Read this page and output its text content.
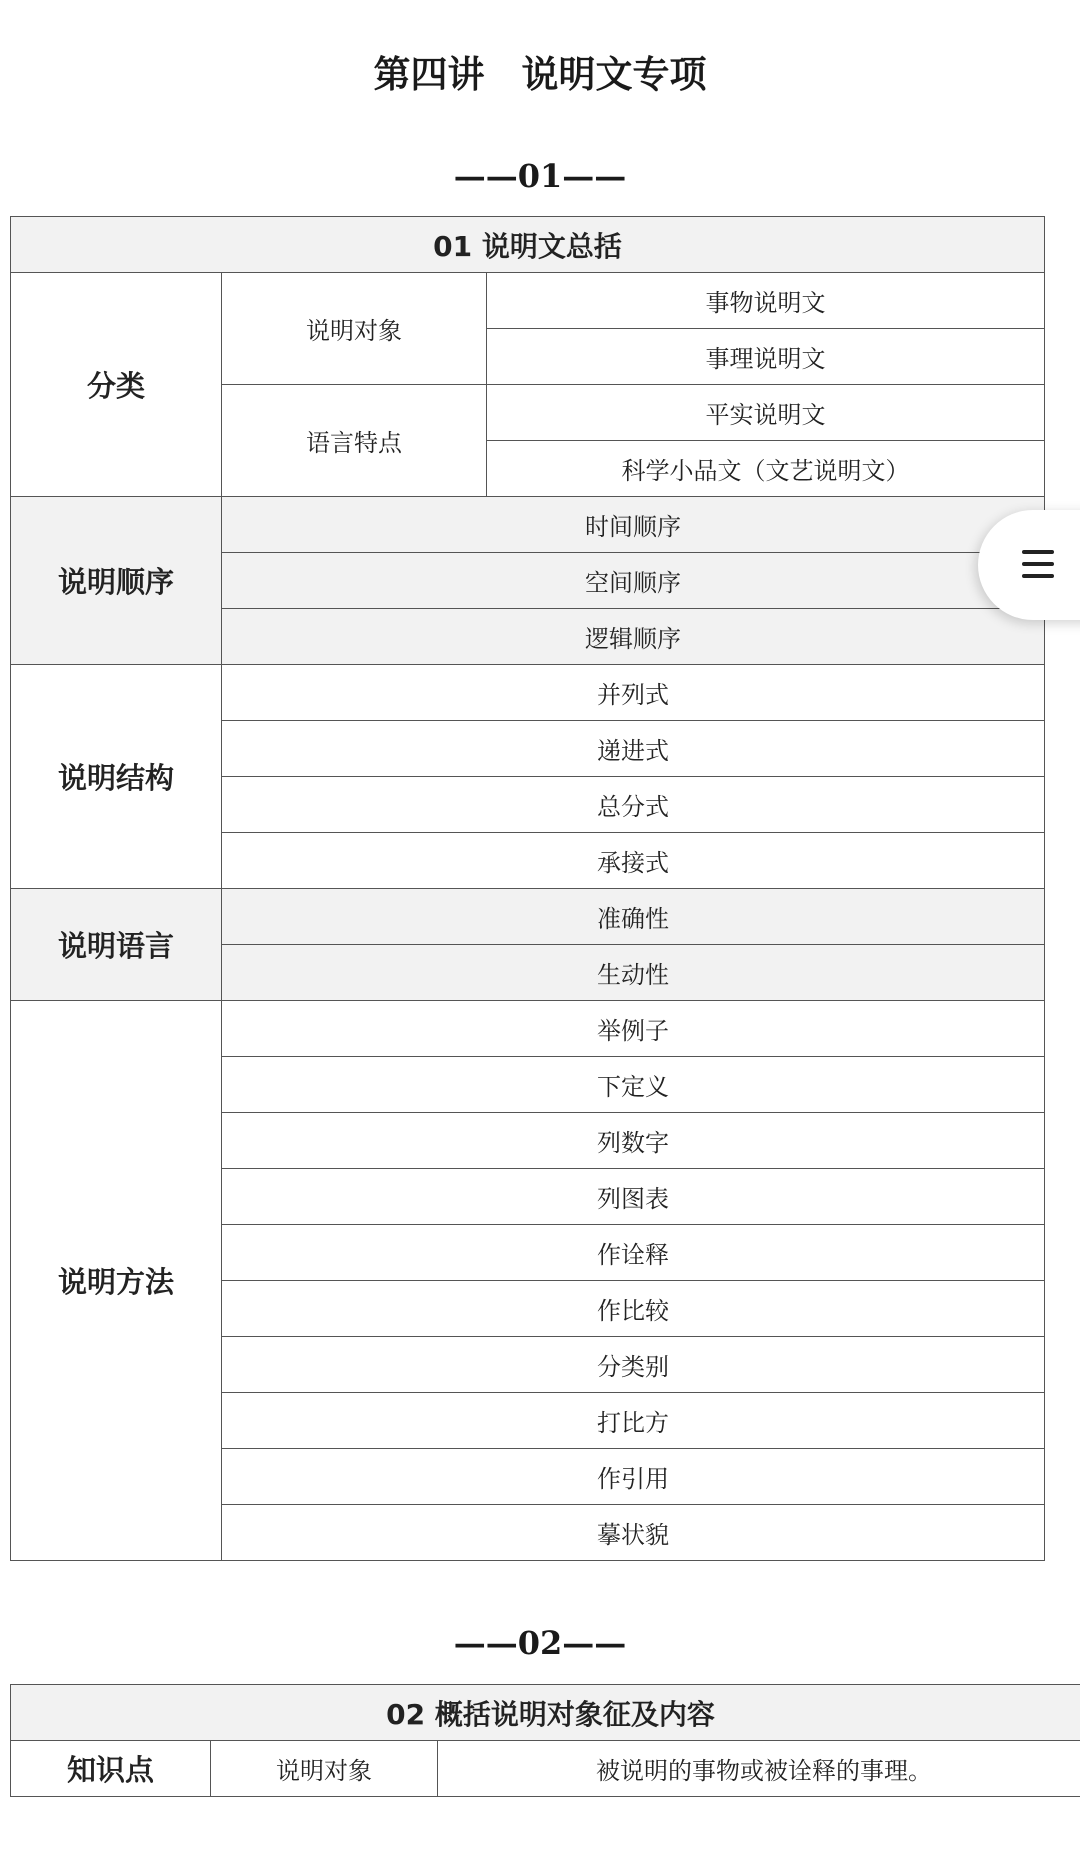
第四讲　说明文专项
——01——
01 说明文总括		
分类	说明对象	事物说明文
		事理说明文
	语言特点	平实说明文
		科学小品文（文艺说明文）
说明顺序	时间顺序	
	空间顺序	
	逻辑顺序	
说明结构	并列式	
	递进式	
	总分式	
	承接式	
说明语言	准确性	
	生动性	
说明方法	举例子	
	下定义	
	列数字	
	列图表	
	作诠释	
	作比较	
	分类别	
	打比方	
	作引用	
	摹状貌	
——02——
02 概括说明对象征及内容
知识点	说明对象	被说明的事物或被诠释的事理。
